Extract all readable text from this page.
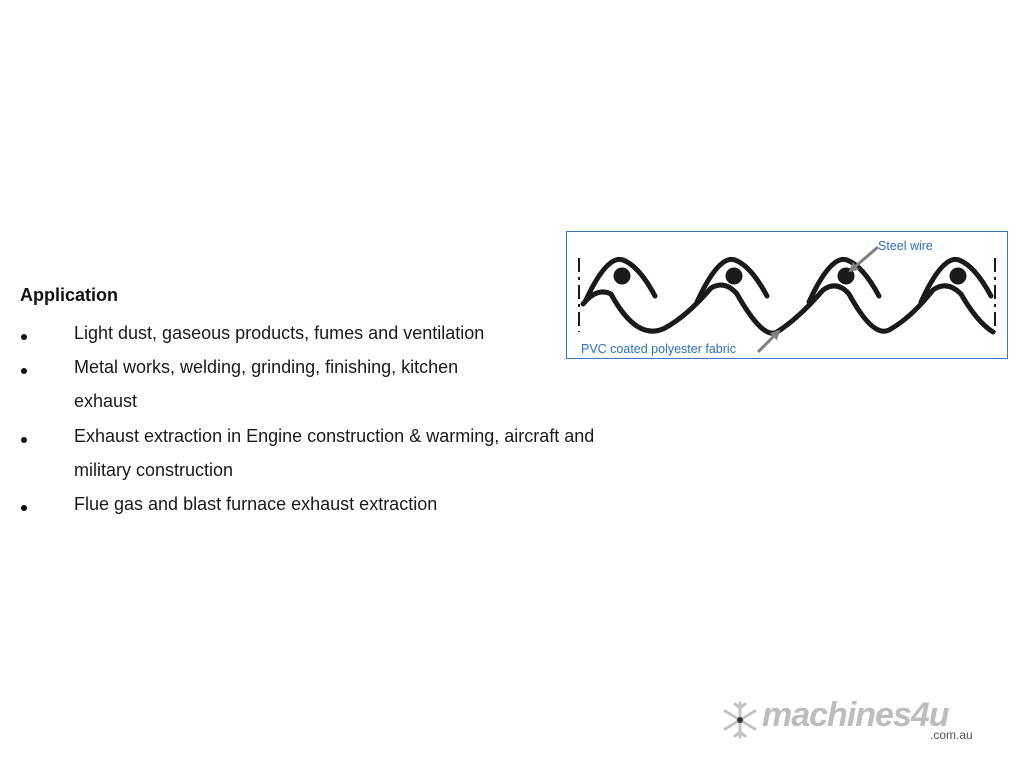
Application
Light dust, gaseous products, fumes and ventilation
Metal works, welding, grinding, finishing, kitchen
exhaust
Exhaust extraction in Engine construction & warming, aircraft and
military construction
Flue gas and blast furnace exhaust extraction
Steel wire
PVC coated polyester fabric
machines4u
.com.au
